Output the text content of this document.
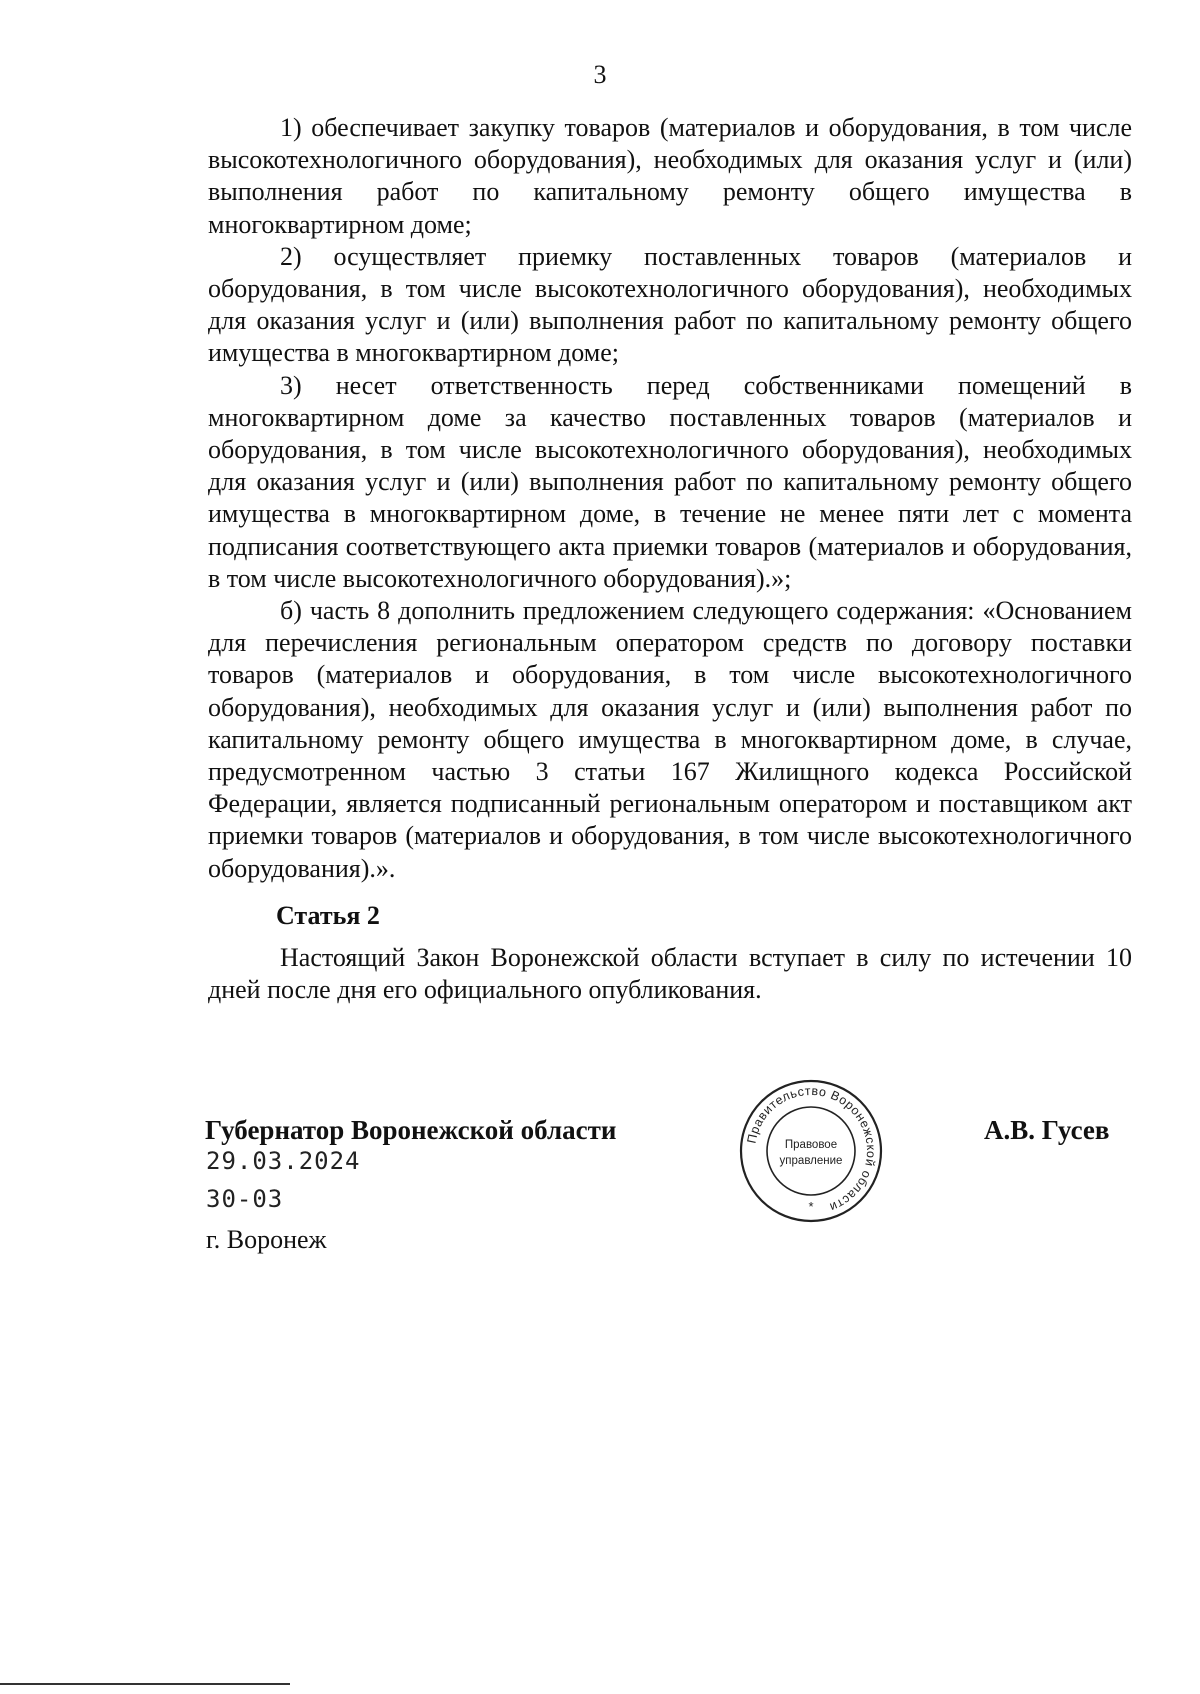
3

1) обеспечивает закупку товаров (материалов и оборудования, в том числе высокотехнологичного оборудования), необходимых для оказания услуг и (или) выполнения работ по капитальному ремонту общего имущества в многоквартирном доме;

2) осуществляет приемку поставленных товаров (материалов и оборудования, в том числе высокотехнологичного оборудования), необходимых для оказания услуг и (или) выполнения работ по капитальному ремонту общего имущества в многоквартирном доме;

3) несет ответственность перед собственниками помещений в многоквартирном доме за качество поставленных товаров (материалов и оборудования, в том числе высокотехнологичного оборудования), необходимых для оказания услуг и (или) выполнения работ по капитальному ремонту общего имущества в многоквартирном доме, в течение не менее пяти лет с момента подписания соответствующего акта приемки товаров (материалов и оборудования, в том числе высокотехнологичного оборудования).»;

б) часть 8 дополнить предложением следующего содержания: «Основанием для перечисления региональным оператором средств по договору поставки товаров (материалов и оборудования, в том числе высокотехнологичного оборудования), необходимых для оказания услуг и (или) выполнения работ по капитальному ремонту общего имущества в многоквартирном доме, в случае, предусмотренном частью 3 статьи 167 Жилищного кодекса Российской Федерации, является подписанный региональным оператором и поставщиком акт приемки товаров (материалов и оборудования, в том числе высокотехнологичного оборудования).».

Статья 2

Настоящий Закон Воронежской области вступает в силу по истечении 10 дней после дня его официального опубликования.

Губернатор Воронежской области	А.В. Гусев
29.03.2024
30-03
г. Воронеж
Правительство Воронежской области
Правовое
управление
*
